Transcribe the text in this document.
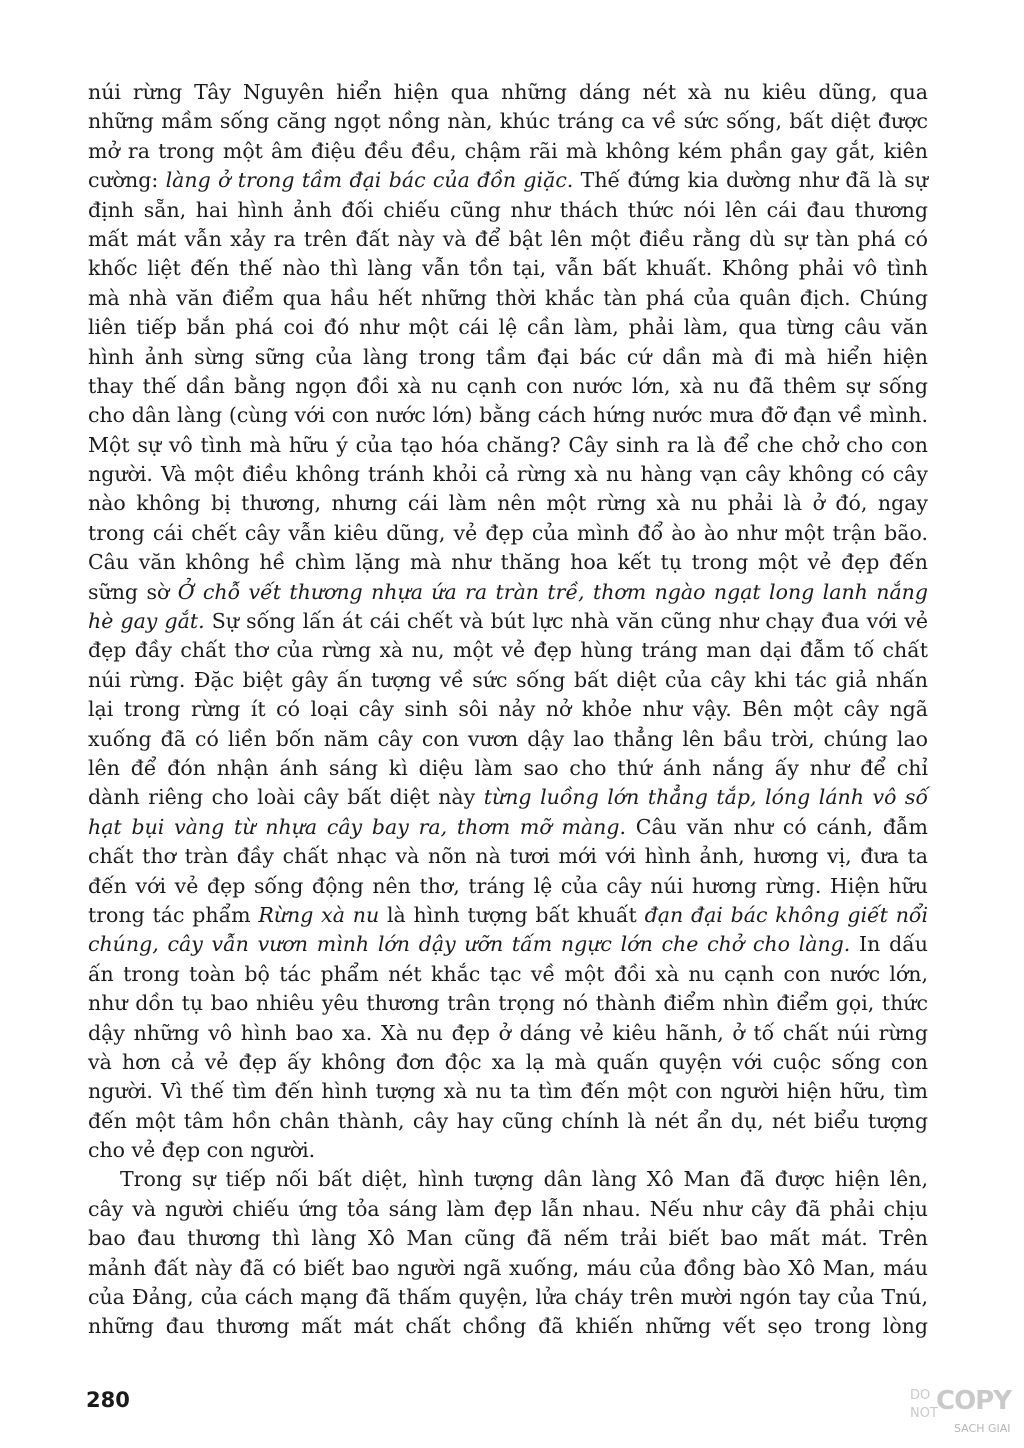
núi rừng Tây Nguyên hiển hiện qua những dáng nét xà nu kiêu dũng, qua
những mầm sống căng ngọt nồng nàn, khúc tráng ca về sức sống, bất diệt được
mở ra trong một âm điệu đều đều, chậm rãi mà không kém phần gay gắt, kiên
cường: làng ở trong tầm đại bác của đồn giặc. Thế đứng kia dường như đã là sự
định sẵn, hai hình ảnh đối chiếu cũng như thách thức nói lên cái đau thương
mất mát vẫn xảy ra trên đất này và để bật lên một điều rằng dù sự tàn phá có
khốc liệt đến thế nào thì làng vẫn tồn tại, vẫn bất khuất. Không phải vô tình
mà nhà văn điểm qua hầu hết những thời khắc tàn phá của quân địch. Chúng
liên tiếp bắn phá coi đó như một cái lệ cần làm, phải làm, qua từng câu văn
hình ảnh sừng sững của làng trong tầm đại bác cứ dần mà đi mà hiển hiện
thay thế dần bằng ngọn đồi xà nu cạnh con nước lớn, xà nu đã thêm sự sống
cho dân làng (cùng với con nước lớn) bằng cách hứng nước mưa đỡ đạn về mình.
Một sự vô tình mà hữu ý của tạo hóa chăng? Cây sinh ra là để che chở cho con
người. Và một điều không tránh khỏi cả rừng xà nu hàng vạn cây không có cây
nào không bị thương, nhưng cái làm nên một rừng xà nu phải là ở đó, ngay
trong cái chết cây vẫn kiêu dũng, vẻ đẹp của mình đổ ào ào như một trận bão.
Câu văn không hề chìm lặng mà như thăng hoa kết tụ trong một vẻ đẹp đến
sững sờ Ở chỗ vết thương nhựa ứa ra tràn trề, thơm ngào ngạt long lanh nắng
hè gay gắt. Sự sống lấn át cái chết và bút lực nhà văn cũng như chạy đua với vẻ
đẹp đầy chất thơ của rừng xà nu, một vẻ đẹp hùng tráng man dại đẫm tố chất
núi rừng. Đặc biệt gây ấn tượng về sức sống bất diệt của cây khi tác giả nhấn
lại trong rừng ít có loại cây sinh sôi nảy nở khỏe như vậy. Bên một cây ngã
xuống đã có liền bốn năm cây con vươn dậy lao thẳng lên bầu trời, chúng lao
lên để đón nhận ánh sáng kì diệu làm sao cho thứ ánh nắng ấy như để chỉ
dành riêng cho loài cây bất diệt này từng luồng lớn thẳng tắp, lóng lánh vô số
hạt bụi vàng từ nhựa cây bay ra, thơm mỡ màng. Câu văn như có cánh, đẫm
chất thơ tràn đầy chất nhạc và nõn nà tươi mới với hình ảnh, hương vị, đưa ta
đến với vẻ đẹp sống động nên thơ, tráng lệ của cây núi hương rừng. Hiện hữu
trong tác phẩm Rừng xà nu là hình tượng bất khuất đạn đại bác không giết nổi
chúng, cây vẫn vươn mình lớn dậy ưỡn tấm ngực lớn che chở cho làng. In dấu
ấn trong toàn bộ tác phẩm nét khắc tạc về một đồi xà nu cạnh con nước lớn,
như dồn tụ bao nhiêu yêu thương trân trọng nó thành điểm nhìn điểm gọi, thức
dậy những vô hình bao xa. Xà nu đẹp ở dáng vẻ kiêu hãnh, ở tố chất núi rừng
và hơn cả vẻ đẹp ấy không đơn độc xa lạ mà quấn quyện với cuộc sống con
người. Vì thế tìm đến hình tượng xà nu ta tìm đến một con người hiện hữu, tìm
đến một tâm hồn chân thành, cây hay cũng chính là nét ẩn dụ, nét biểu tượng
cho vẻ đẹp con người.
Trong sự tiếp nối bất diệt, hình tượng dân làng Xô Man đã được hiện lên,
cây và người chiếu ứng tỏa sáng làm đẹp lẫn nhau. Nếu như cây đã phải chịu
bao đau thương thì làng Xô Man cũng đã nếm trải biết bao mất mát. Trên
mảnh đất này đã có biết bao người ngã xuống, máu của đồng bào Xô Man, máu
của Đảng, của cách mạng đã thấm quyện, lửa cháy trên mười ngón tay của Tnú,
những đau thương mất mát chất chồng đã khiến những vết sẹo trong lòng
280	DO
NOT
COPY
SACH GIAI
